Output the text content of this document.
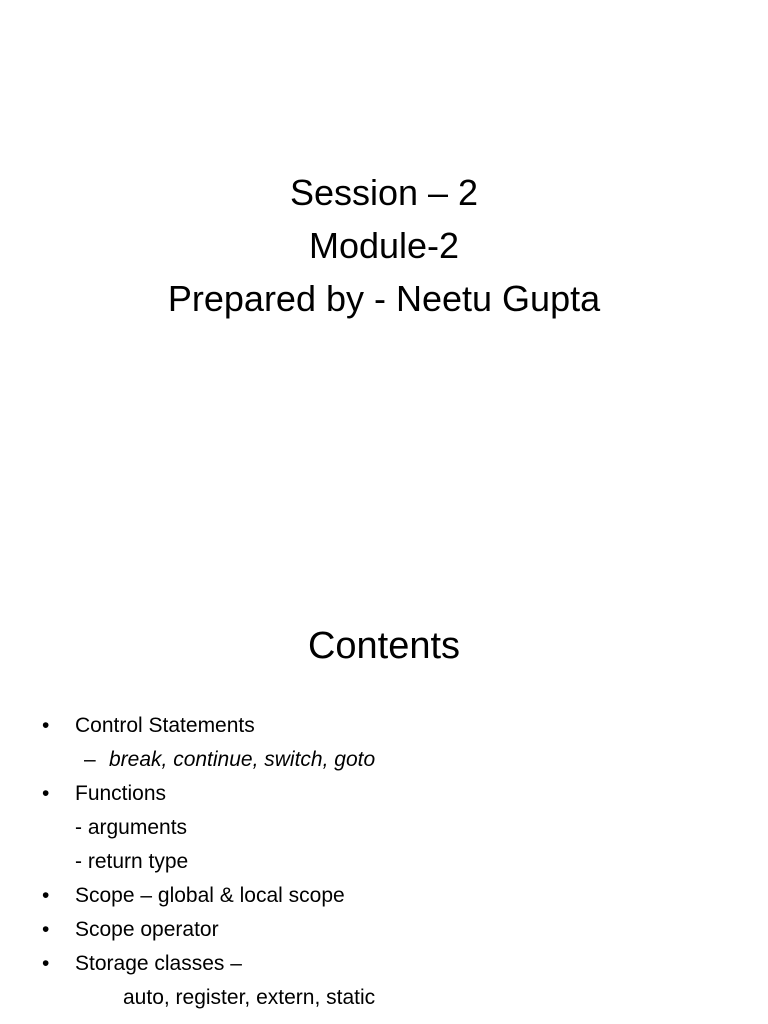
Session – 2
Module-2
Prepared by - Neetu Gupta
Contents
• Control Statements
– break, continue, switch, goto
• Functions
- arguments
- return type
• Scope – global & local scope
• Scope operator
• Storage classes –
auto, register, extern, static
